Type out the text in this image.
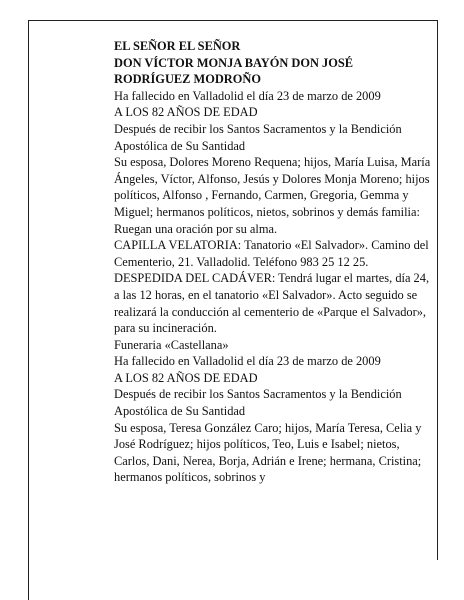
EL SEÑOR EL SEÑOR

DON VÍCTOR MONJA BAYÓN DON JOSÉ RODRÍGUEZ MODROÑO

Ha fallecido en Valladolid el día 23 de marzo de 2009

A LOS 82 AÑOS DE EDAD

Después de recibir los Santos Sacramentos y la Bendición Apostólica de Su Santidad

Su esposa, Dolores Moreno Requena; hijos, María Luisa, María Ángeles, Víctor, Alfonso, Jesús y Dolores Monja Moreno; hijos políticos, Alfonso , Fernando, Carmen, Gregoria, Gemma y Miguel; hermanos políticos, nietos, sobrinos y demás familia:

Ruegan una oración por su alma.

CAPILLA VELATORIA: Tanatorio «El Salvador». Camino del Cementerio, 21. Valladolid. Teléfono 983 25 12 25.

DESPEDIDA DEL CADÁVER: Tendrá lugar el martes, día 24, a las 12 horas, en el tanatorio «El Salvador». Acto seguido se realizará la conducción al cementerio de «Parque el Salvador», para su incineración.

Funeraria «Castellana»

Ha fallecido en Valladolid el día 23 de marzo de 2009

A LOS 82 AÑOS DE EDAD

Después de recibir los Santos Sacramentos y la Bendición Apostólica de Su Santidad

Su esposa, Teresa González Caro; hijos, María Teresa, Celia y José Rodríguez; hijos políticos, Teo, Luis e Isabel; nietos, Carlos, Dani, Nerea, Borja, Adrián e Irene; hermana, Cristina; hermanos políticos, sobrinos y
